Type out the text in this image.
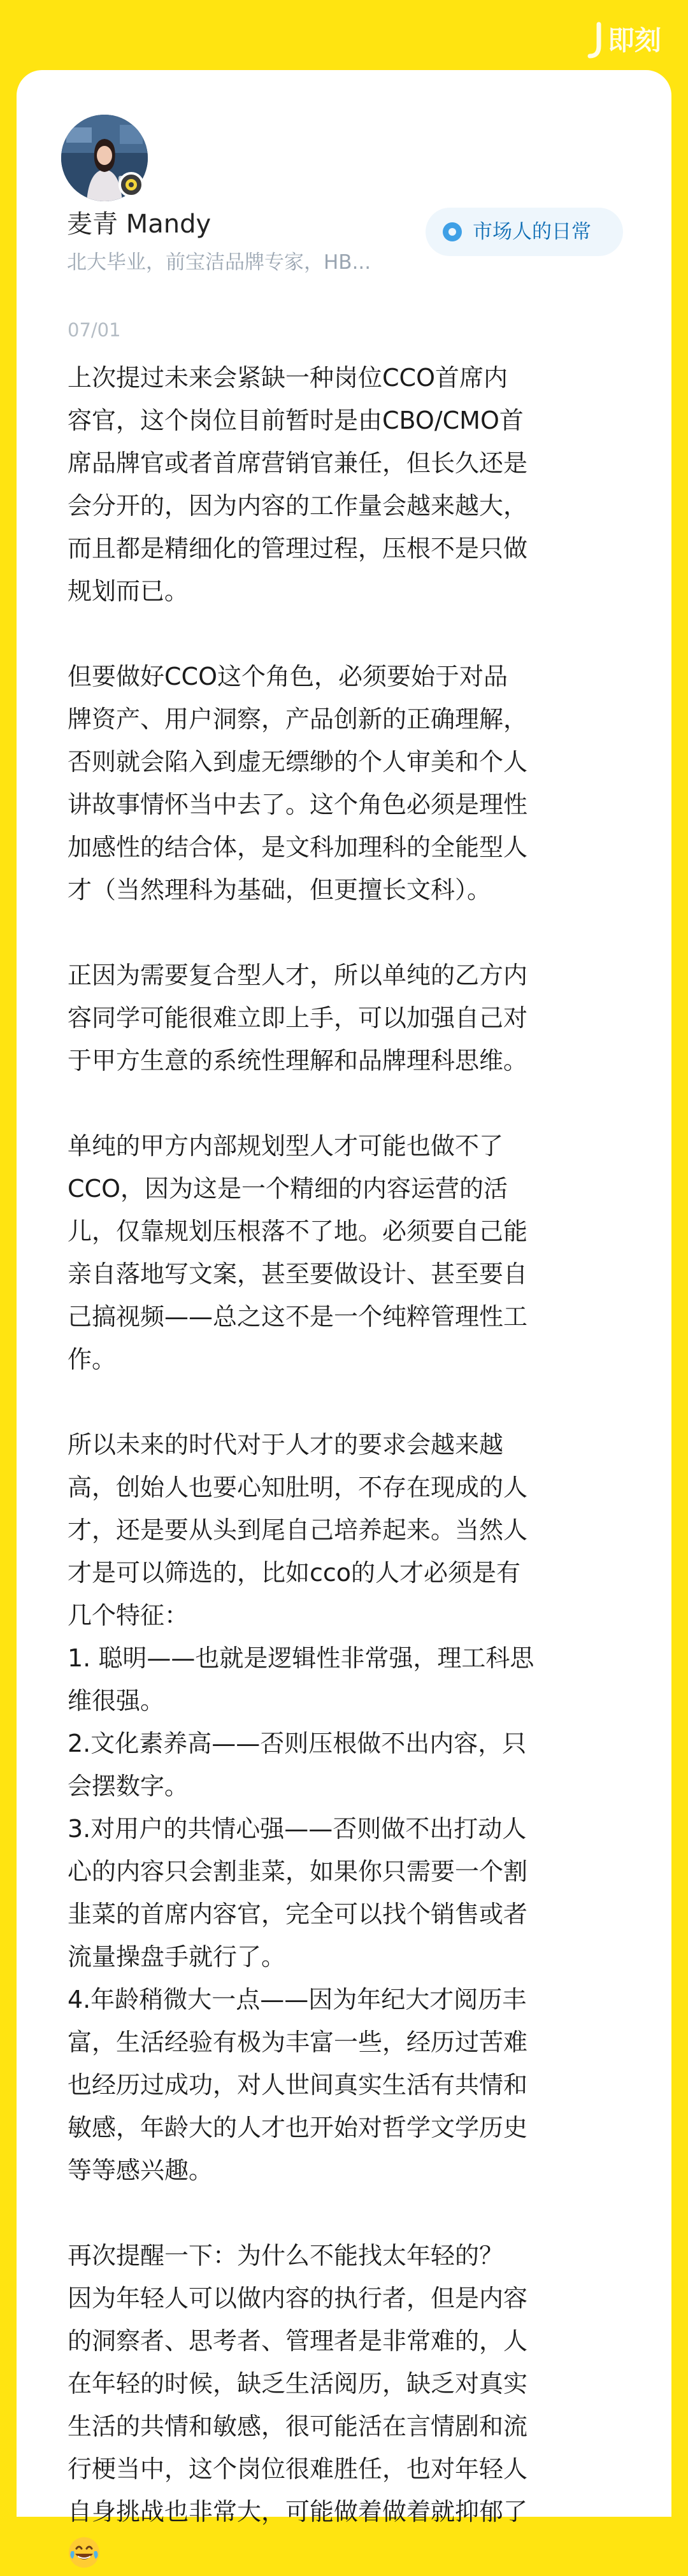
即刻
麦青 Mandy
北大毕业，前宝洁品牌专家，HB...
市场人的日常
07/01
上次提过未来会紧缺一种岗位CCO首席内
容官，这个岗位目前暂时是由CBO/CMO首
席品牌官或者首席营销官兼任，但长久还是
会分开的，因为内容的工作量会越来越大，
而且都是精细化的管理过程，压根不是只做
规划而已。
但要做好CCO这个角色，必须要始于对品
牌资产、用户洞察，产品创新的正确理解，
否则就会陷入到虚无缥缈的个人审美和个人
讲故事情怀当中去了。这个角色必须是理性
加感性的结合体，是文科加理科的全能型人
才（当然理科为基础，但更擅长文科）。
正因为需要复合型人才，所以单纯的乙方内
容同学可能很难立即上手，可以加强自己对
于甲方生意的系统性理解和品牌理科思维。
单纯的甲方内部规划型人才可能也做不了
CCO，因为这是一个精细的内容运营的活
儿，仅靠规划压根落不了地。必须要自己能
亲自落地写文案，甚至要做设计、甚至要自
己搞视频——总之这不是一个纯粹管理性工
作。
所以未来的时代对于人才的要求会越来越
高，创始人也要心知肚明，不存在现成的人
才，还是要从头到尾自己培养起来。当然人
才是可以筛选的，比如cco的人才必须是有
几个特征：
1. 聪明——也就是逻辑性非常强，理工科思
维很强。
2.文化素养高——否则压根做不出内容，只
会摆数字。
3.对用户的共情心强——否则做不出打动人
心的内容只会割韭菜，如果你只需要一个割
韭菜的首席内容官，完全可以找个销售或者
流量操盘手就行了。
4.年龄稍微大一点——因为年纪大才阅历丰
富，生活经验有极为丰富一些，经历过苦难
也经历过成功，对人世间真实生活有共情和
敏感，年龄大的人才也开始对哲学文学历史
等等感兴趣。
再次提醒一下：为什么不能找太年轻的？
因为年轻人可以做内容的执行者，但是内容
的洞察者、思考者、管理者是非常难的，人
在年轻的时候，缺乏生活阅历，缺乏对真实
生活的共情和敏感，很可能活在言情剧和流
行梗当中，这个岗位很难胜任，也对年轻人
自身挑战也非常大，可能做着做着就抑郁了
